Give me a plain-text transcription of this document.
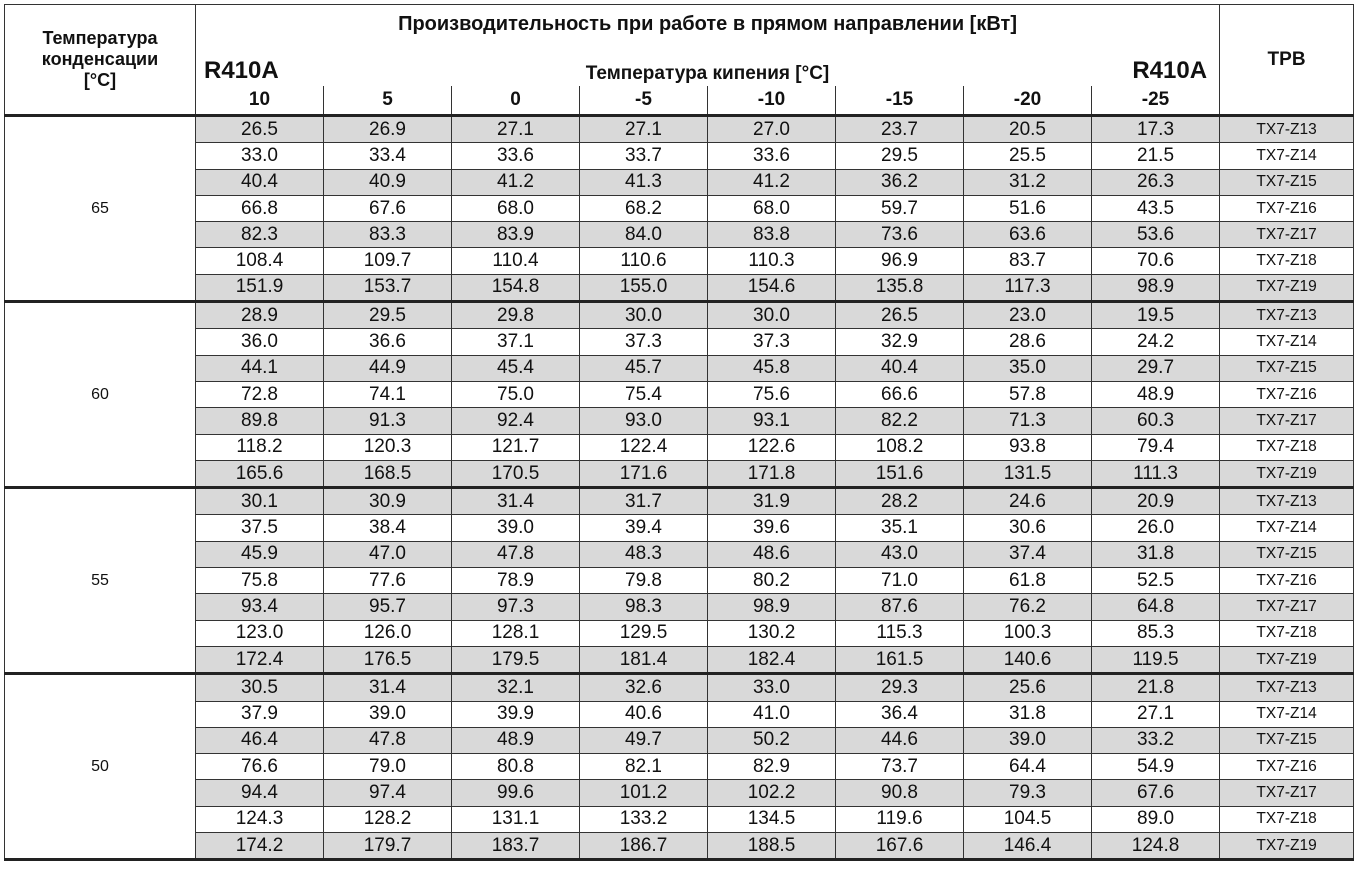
Температура
конденсации
[°C]	Производительность при работе в прямом направлении [кВт]								ТРВ
	R410A	Температура кипения [°C]						R410A	
	10	5	0	-5	-10	-15	-20	-25	
65	26.5	26.9	27.1	27.1	27.0	23.7	20.5	17.3	TX7-Z13
	33.0	33.4	33.6	33.7	33.6	29.5	25.5	21.5	TX7-Z14
	40.4	40.9	41.2	41.3	41.2	36.2	31.2	26.3	TX7-Z15
	66.8	67.6	68.0	68.2	68.0	59.7	51.6	43.5	TX7-Z16
	82.3	83.3	83.9	84.0	83.8	73.6	63.6	53.6	TX7-Z17
	108.4	109.7	110.4	110.6	110.3	96.9	83.7	70.6	TX7-Z18
	151.9	153.7	154.8	155.0	154.6	135.8	117.3	98.9	TX7-Z19
60	28.9	29.5	29.8	30.0	30.0	26.5	23.0	19.5	TX7-Z13
	36.0	36.6	37.1	37.3	37.3	32.9	28.6	24.2	TX7-Z14
	44.1	44.9	45.4	45.7	45.8	40.4	35.0	29.7	TX7-Z15
	72.8	74.1	75.0	75.4	75.6	66.6	57.8	48.9	TX7-Z16
	89.8	91.3	92.4	93.0	93.1	82.2	71.3	60.3	TX7-Z17
	118.2	120.3	121.7	122.4	122.6	108.2	93.8	79.4	TX7-Z18
	165.6	168.5	170.5	171.6	171.8	151.6	131.5	111.3	TX7-Z19
55	30.1	30.9	31.4	31.7	31.9	28.2	24.6	20.9	TX7-Z13
	37.5	38.4	39.0	39.4	39.6	35.1	30.6	26.0	TX7-Z14
	45.9	47.0	47.8	48.3	48.6	43.0	37.4	31.8	TX7-Z15
	75.8	77.6	78.9	79.8	80.2	71.0	61.8	52.5	TX7-Z16
	93.4	95.7	97.3	98.3	98.9	87.6	76.2	64.8	TX7-Z17
	123.0	126.0	128.1	129.5	130.2	115.3	100.3	85.3	TX7-Z18
	172.4	176.5	179.5	181.4	182.4	161.5	140.6	119.5	TX7-Z19
50	30.5	31.4	32.1	32.6	33.0	29.3	25.6	21.8	TX7-Z13
	37.9	39.0	39.9	40.6	41.0	36.4	31.8	27.1	TX7-Z14
	46.4	47.8	48.9	49.7	50.2	44.6	39.0	33.2	TX7-Z15
	76.6	79.0	80.8	82.1	82.9	73.7	64.4	54.9	TX7-Z16
	94.4	97.4	99.6	101.2	102.2	90.8	79.3	67.6	TX7-Z17
	124.3	128.2	131.1	133.2	134.5	119.6	104.5	89.0	TX7-Z18
	174.2	179.7	183.7	186.7	188.5	167.6	146.4	124.8	TX7-Z19
